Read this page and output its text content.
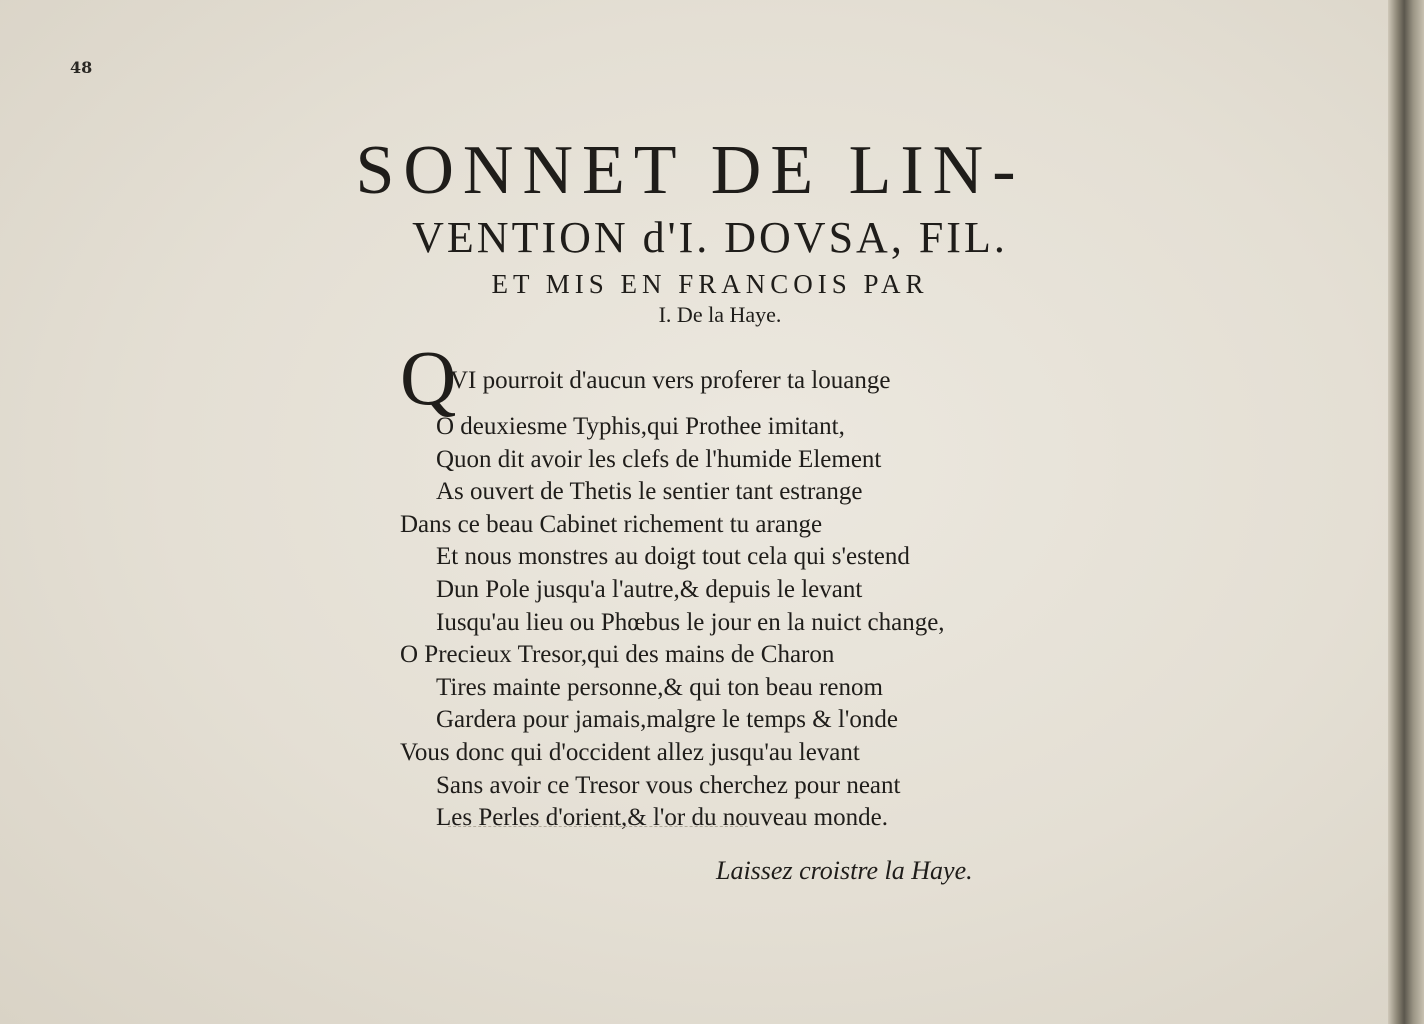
48

SONNET DE LIN-

VENTION d'I. DOVSA, FIL.

ET MIS EN FRANCOIS PAR

I. De la Haye.

Q
VI pourroit d'aucun vers proferer ta louange
O deuxiesme Typhis,qui Prothee imitant,
Quon dit avoir les clefs de l'humide Element
As ouvert de Thetis le sentier tant estrange
Dans ce beau Cabinet richement tu arange
Et nous monstres au doigt tout cela qui s'estend
Dun Pole jusqu'a l'autre,& depuis le levant
Iusqu'au lieu ou Phœbus le jour en la nuict change,
O Precieux Tresor,qui des mains de Charon
Tires mainte personne,& qui ton beau renom
Gardera pour jamais,malgre le temps & l'onde
Vous donc qui d'occident allez jusqu'au levant
Sans avoir ce Tresor vous cherchez pour neant
Les Perles d'orient,& l'or du nouveau monde.
Laissez croistre la Haye.
